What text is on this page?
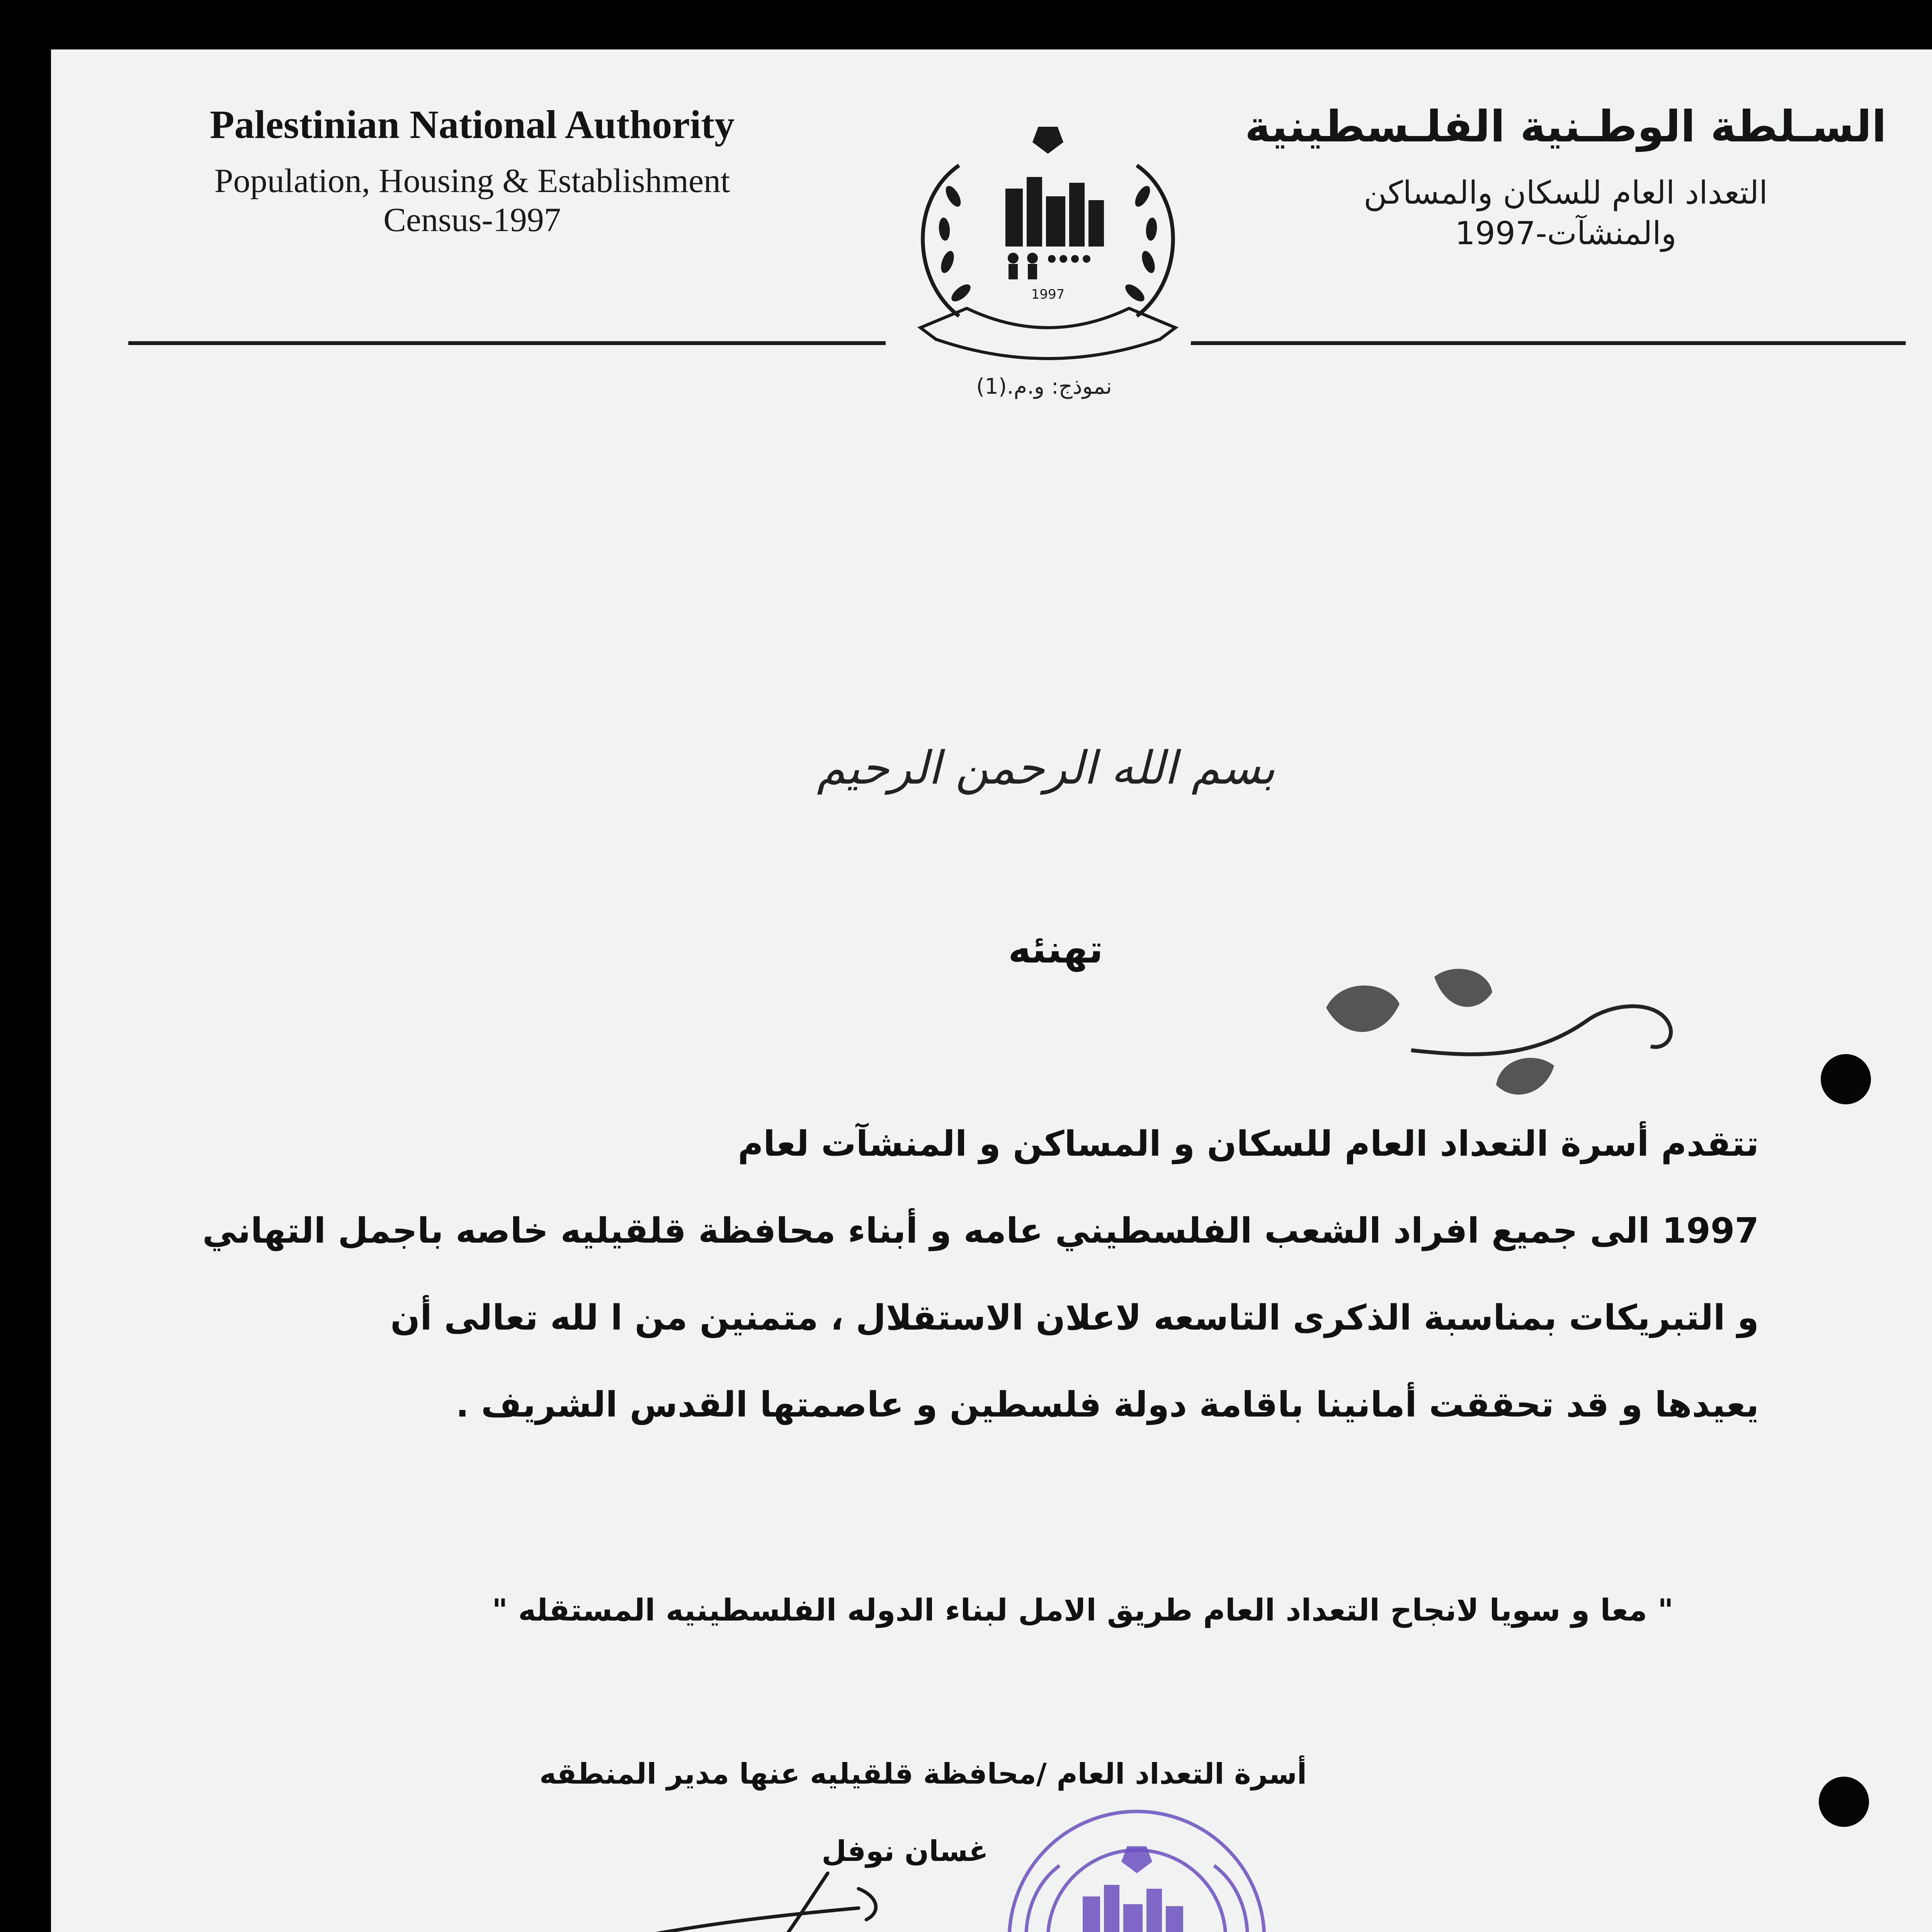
Palestinian National Authority
Population, Housing & Establishment
Census-1997
السـلطة الوطـنية الفلـسطينية
التعداد العام للسكان والمساكن
والمنشآت-1997
1997
نموذج: و.م.(1)
بسم الله الرحمن الرحيم
تهنئه
تتقدم أسرة التعداد العام للسكان و المساكن و المنشآت لعام
1997 الى جميع افراد الشعب الفلسطيني عامه و أبناء محافظة قلقيليه خاصه باجمل التهاني
و التبريكات بمناسبة الذكرى التاسعه لاعلان الاستقلال ، متمنين من ا لله تعالى أن
يعيدها و قد تحققت أمانينا باقامة دولة فلسطين و عاصمتها القدس الشريف .
" معا و سويا لانجاح التعداد العام طريق الامل لبناء الدوله الفلسطينيه المستقله "
أسرة التعداد العام /محافظة قلقيليه عنها مدير المنطقه
غسان نوفل
